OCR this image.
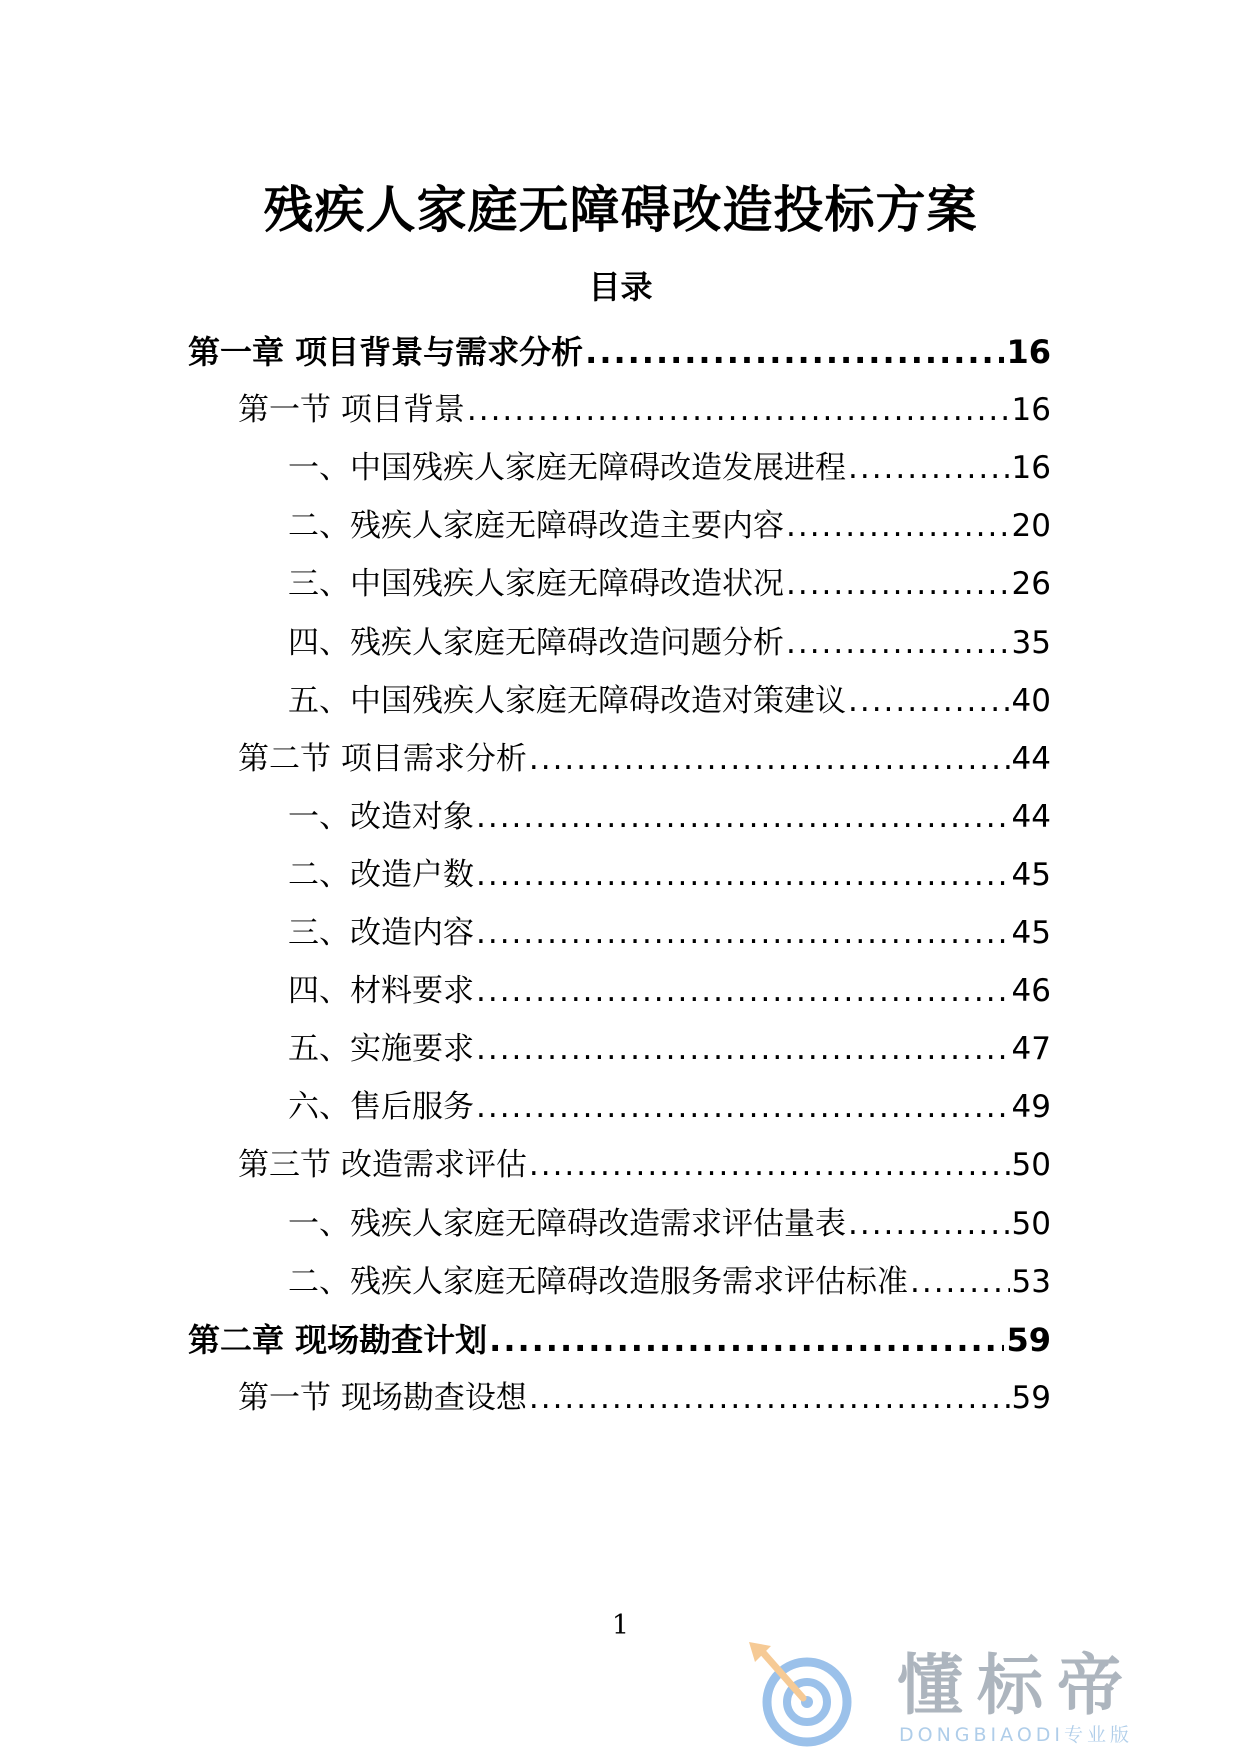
残疾人家庭无障碍改造投标方案
目录
第一章 项目背景与需求分析 .....	16
第一节 项目背景 .....	16
一、中国残疾人家庭无障碍改造发展进程 .....	16
二、残疾人家庭无障碍改造主要内容 .....	20
三、中国残疾人家庭无障碍改造状况 .....	26
四、残疾人家庭无障碍改造问题分析 .....	35
五、中国残疾人家庭无障碍改造对策建议 .....	40
第二节 项目需求分析 .....	44
一、改造对象 .....	44
二、改造户数 .....	45
三、改造内容 .....	45
四、材料要求 .....	46
五、实施要求 .....	47
六、售后服务 .....	49
第三节 改造需求评估 .....	50
一、残疾人家庭无障碍改造需求评估量表 .....	50
二、残疾人家庭无障碍改造服务需求评估标准 .....	53
第二章 现场勘查计划 .....	59
第一节 现场勘查设想 .....	59
1
懂标帝
DONGBIAODI专业版
